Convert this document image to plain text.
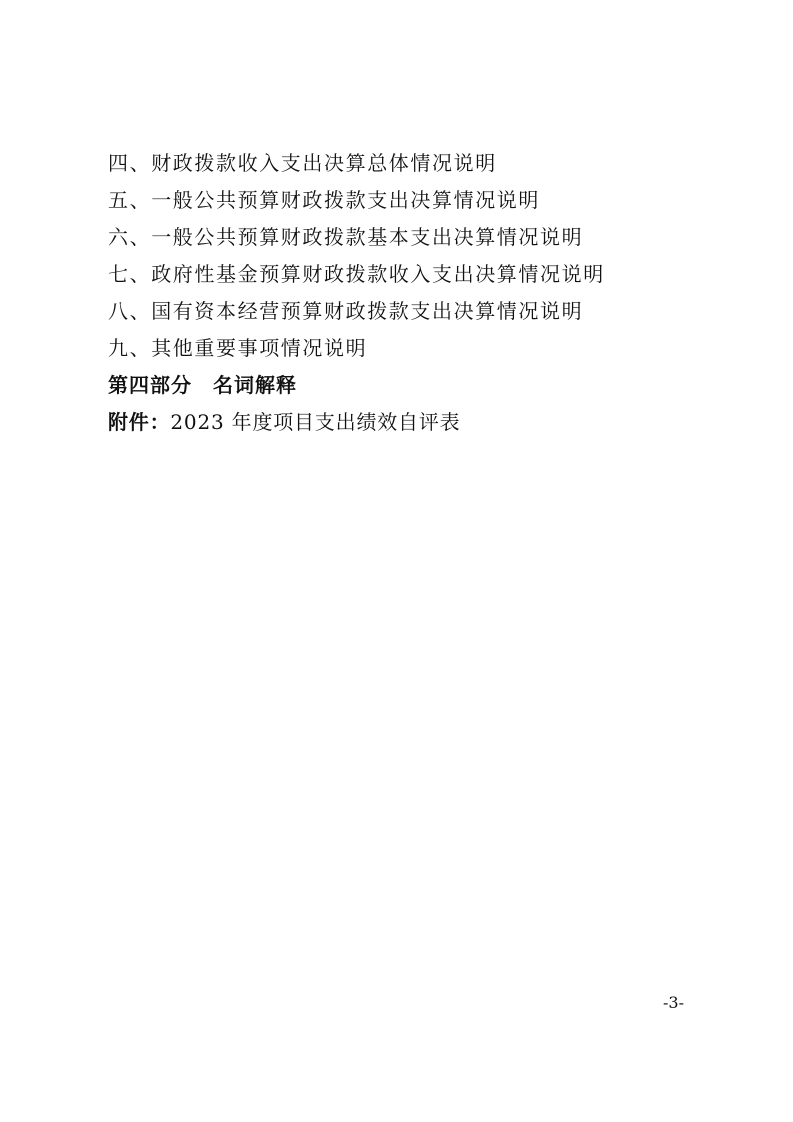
四、财政拨款收入支出决算总体情况说明
五、一般公共预算财政拨款支出决算情况说明
六、一般公共预算财政拨款基本支出决算情况说明
七、政府性基金预算财政拨款收入支出决算情况说明
八、国有资本经营预算财政拨款支出决算情况说明
九、其他重要事项情况说明
第四部分　名词解释
附件：2023 年度项目支出绩效自评表
-3-
